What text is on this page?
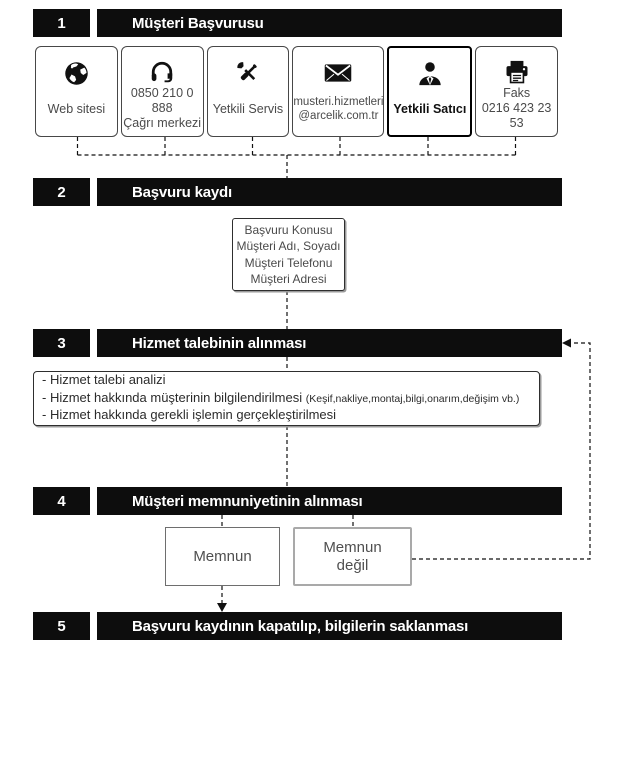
1	Müşteri Başvurusu
Web sitesi
0850 210 0 888
Çağrı merkezi
Yetkili Servis musteri.hizmetleri
@arcelik.com.tr
Yetkili Satıcı
Faks
0216 423 23 53
2	Başvuru kaydı
Başvuru Konusu
Müşteri Adı, Soyadı
Müşteri Telefonu
Müşteri Adresi
3	Hizmet talebinin alınması
- Hizmet talebi analizi
- Hizmet hakkında müşterinin bilgilendirilmesi (Keşif,nakliye,montaj,bilgi,onarım,değişim vb.)
- Hizmet hakkında gerekli işlemin gerçekleştirilmesi
4	Müşteri memnuniyetinin alınması
Memnun
Memnun değil
5	Başvuru kaydının kapatılıp, bilgilerin saklanması
